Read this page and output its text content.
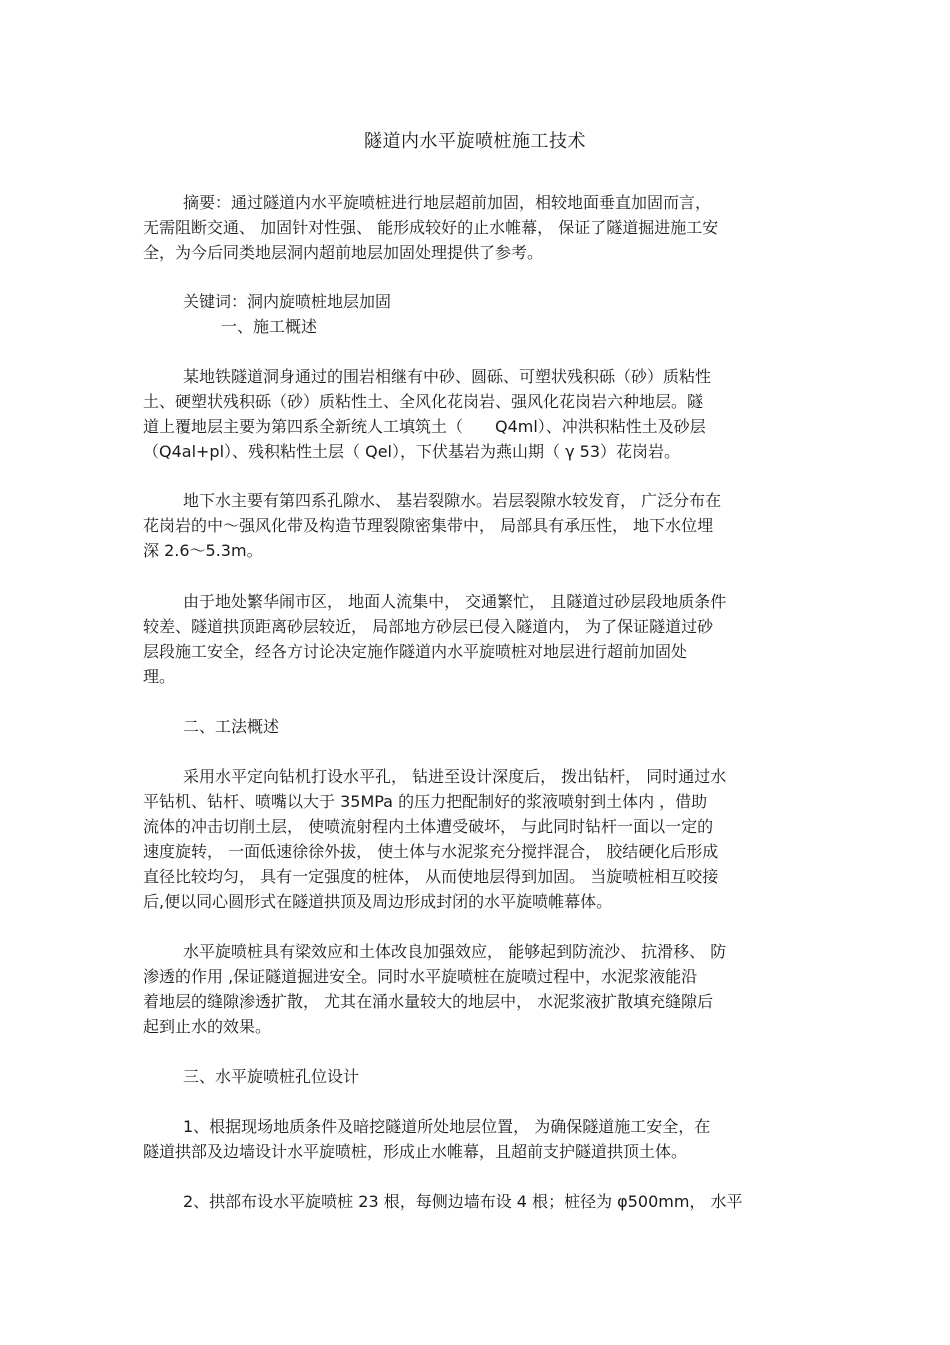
隧道内水平旋喷桩施工技术
摘要：通过隧道内水平旋喷桩进行地层超前加固，相较地面垂直加固而言，
无需阻断交通、 加固针对性强、 能形成较好的止水帷幕， 保证了隧道掘进施工安
全，为今后同类地层洞内超前地层加固处理提供了参考。
关键词：洞内旋喷桩地层加固
一、施工概述
某地铁隧道洞身通过的围岩相继有中砂、圆砾、可塑状残积砾（砂）质粘性
土、硬塑状残积砾（砂）质粘性土、全风化花岗岩、强风化花岗岩六种地层。隧
道上覆地层主要为第四系全新统人工填筑土（　　Q4ml）、冲洪积粘性土及砂层
（Q4al+pl）、残积粘性土层（ Qel），下伏基岩为燕山期（ γ 53）花岗岩。
地下水主要有第四系孔隙水、 基岩裂隙水。岩层裂隙水较发育， 广泛分布在
花岗岩的中～强风化带及构造节理裂隙密集带中， 局部具有承压性， 地下水位埋
深 2.6～5.3m。
由于地处繁华闹市区， 地面人流集中， 交通繁忙， 且隧道过砂层段地质条件
较差、隧道拱顶距离砂层较近， 局部地方砂层已侵入隧道内， 为了保证隧道过砂
层段施工安全，经各方讨论决定施作隧道内水平旋喷桩对地层进行超前加固处
理。
二、工法概述
采用水平定向钻机打设水平孔， 钻进至设计深度后， 拨出钻杆， 同时通过水
平钻机、钻杆、喷嘴以大于 35MPa 的压力把配制好的浆液喷射到土体内 ，借助
流体的冲击切削土层， 使喷流射程内土体遭受破坏， 与此同时钻杆一面以一定的
速度旋转， 一面低速徐徐外拔， 使土体与水泥浆充分搅拌混合， 胶结硬化后形成
直径比较均匀， 具有一定强度的桩体， 从而使地层得到加固。 当旋喷桩相互咬接
后,便以同心圆形式在隧道拱顶及周边形成封闭的水平旋喷帷幕体。
水平旋喷桩具有梁效应和土体改良加强效应， 能够起到防流沙、 抗滑移、 防
渗透的作用 ,保证隧道掘进安全。同时水平旋喷桩在旋喷过程中，水泥浆液能沿
着地层的缝隙渗透扩散， 尤其在涌水量较大的地层中， 水泥浆液扩散填充缝隙后
起到止水的效果。
三、水平旋喷桩孔位设计
1、根据现场地质条件及暗挖隧道所处地层位置， 为确保隧道施工安全，在
隧道拱部及边墙设计水平旋喷桩，形成止水帷幕，且超前支护隧道拱顶土体。
2、拱部布设水平旋喷桩 23 根，每侧边墙布设 4 根；桩径为 φ500mm， 水平
